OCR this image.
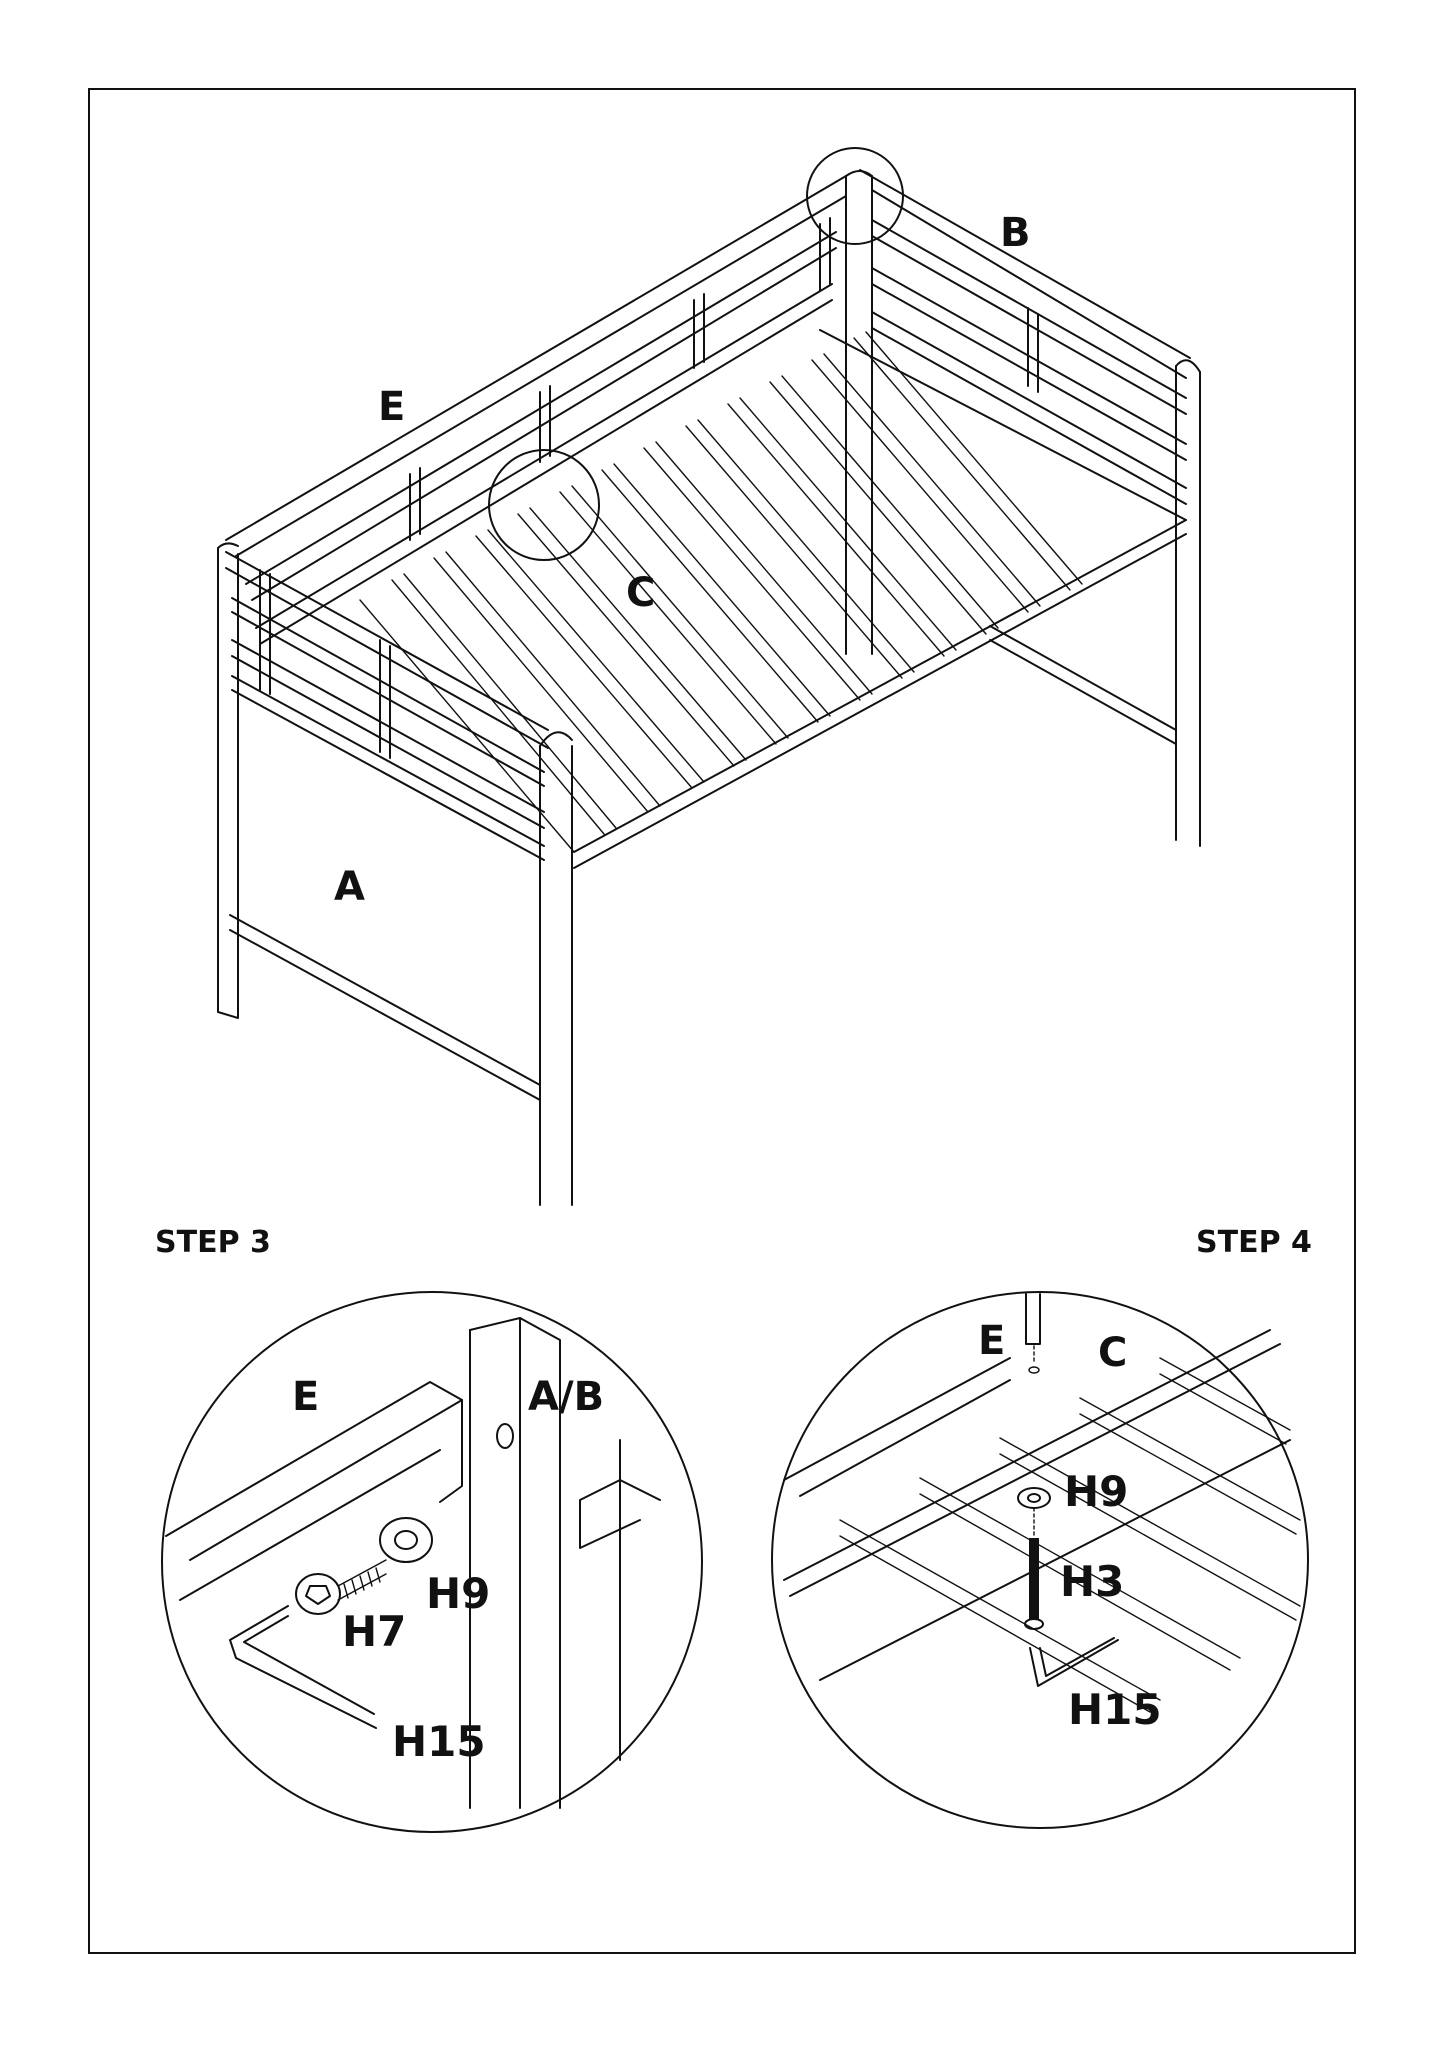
A
B
C
E
STEP 3
E	A/B
H9
H7
H15
STEP 4
E C
H9
H3
H15
